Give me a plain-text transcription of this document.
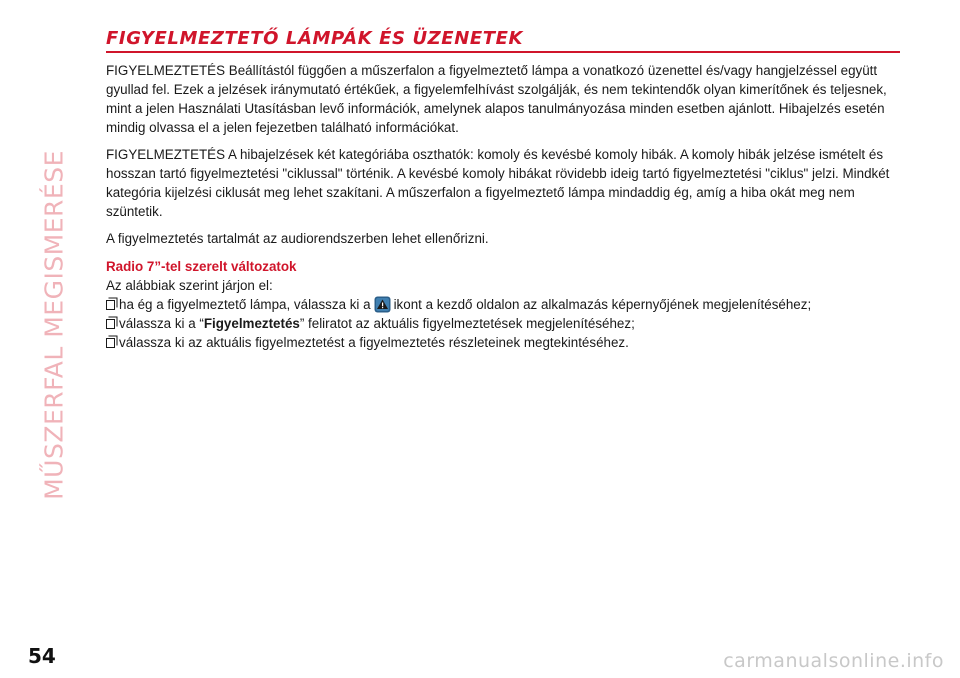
MŰSZERFAL MEGISMERÉSE
FIGYELMEZTETŐ LÁMPÁK ÉS ÜZENETEK

FIGYELMEZTETÉS Beállítástól függően a műszerfalon a figyelmeztető lámpa a vonatkozó üzenettel és/vagy hangjelzéssel együtt gyullad fel. Ezek a jelzések iránymutató értékűek, a figyelemfelhívást szolgálják, és nem tekintendők olyan kimerítőnek és teljesnek, mint a jelen Használati Utasításban levő információk, amelynek alapos tanulmányozása minden esetben ajánlott. Hibajelzés esetén mindig olvassa el a jelen fejezetben található információkat.

FIGYELMEZTETÉS A hibajelzések két kategóriába oszthatók: komoly és kevésbé komoly hibák. A komoly hibák jelzése ismételt és hosszan tartó figyelmeztetési "ciklussal" történik. A kevésbé komoly hibákat rövidebb ideig tartó figyelmeztetési "ciklus" jelzi. Mindkét kategória kijelzési ciklusát meg lehet szakítani. A műszerfalon a figyelmeztető lámpa mindaddig ég, amíg a hiba okát meg nem szüntetik.

A figyelmeztetés tartalmát az audiorendszerben lehet ellenőrizni.

Radio 7”-tel szerelt változatok
Az alábbiak szerint járjon el:
ha ég a figyelmeztető lámpa, válassza ki a ikont a kezdő oldalon az alkalmazás képernyőjének megjelenítéséhez;
válassza ki a “Figyelmeztetés” feliratot az aktuális figyelmeztetések megjelenítéséhez;
válassza ki az aktuális figyelmeztetést a figyelmeztetés részleteinek megtekintéséhez.
54	carmanualsonline.info
